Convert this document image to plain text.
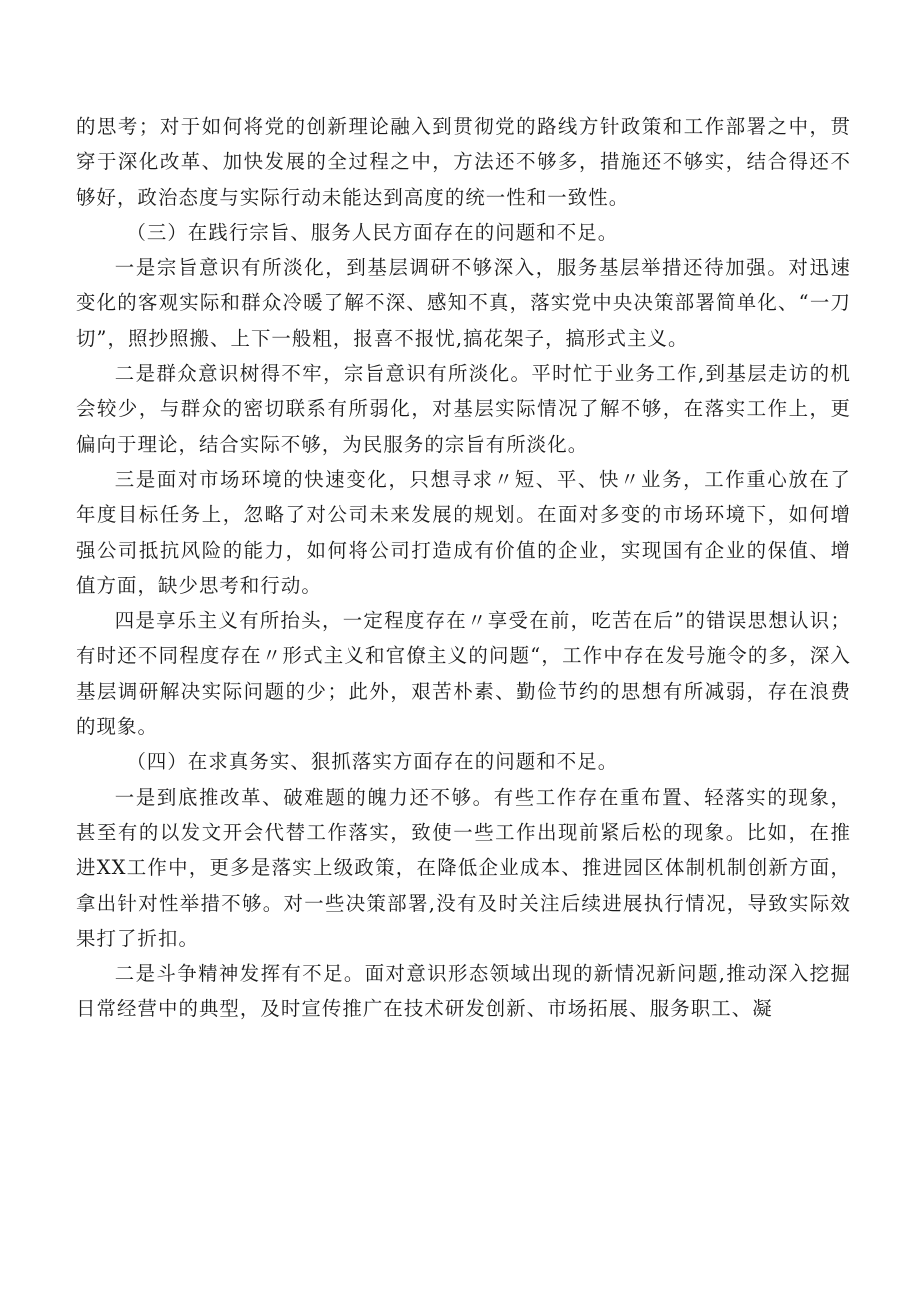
的思考；对于如何将党的创新理论融入到贯彻党的路线方针政策和工作部署之中，贯穿于深化改革、加快发展的全过程之中，方法还不够多，措施还不够实，结合得还不够好，政治态度与实际行动未能达到高度的统一性和一致性。

（三）在践行宗旨、服务人民方面存在的问题和不足。

一是宗旨意识有所淡化，到基层调研不够深入，服务基层举措还待加强。对迅速变化的客观实际和群众冷暖了解不深、感知不真，落实党中央决策部署简单化、“一刀切”，照抄照搬、上下一般粗，报喜不报忧,搞花架子，搞形式主义。

二是群众意识树得不牢，宗旨意识有所淡化。平时忙于业务工作,到基层走访的机会较少，与群众的密切联系有所弱化，对基层实际情况了解不够，在落实工作上，更偏向于理论，结合实际不够，为民服务的宗旨有所淡化。

三是面对市场环境的快速变化，只想寻求〃短、平、快〃业务，工作重心放在了年度目标任务上，忽略了对公司未来发展的规划。在面对多变的市场环境下，如何增强公司抵抗风险的能力，如何将公司打造成有价值的企业，实现国有企业的保值、增值方面，缺少思考和行动。

四是享乐主义有所抬头，一定程度存在〃享受在前，吃苦在后”的错误思想认识；有时还不同程度存在〃形式主义和官僚主义的问题“，工作中存在发号施令的多，深入基层调研解决实际问题的少；此外，艰苦朴素、勤俭节约的思想有所减弱，存在浪费的现象。

（四）在求真务实、狠抓落实方面存在的问题和不足。

一是到底推改革、破难题的魄力还不够。有些工作存在重布置、轻落实的现象，甚至有的以发文开会代替工作落实，致使一些工作出现前紧后松的现象。比如，在推进XX工作中，更多是落实上级政策，在降低企业成本、推进园区体制机制创新方面，拿出针对性举措不够。对一些决策部署,没有及时关注后续进展执行情况，导致实际效果打了折扣。

二是斗争精神发挥有不足。面对意识形态领域出现的新情况新问题,推动深入挖掘日常经营中的典型，及时宣传推广在技术研发创新、市场拓展、服务职工、凝
